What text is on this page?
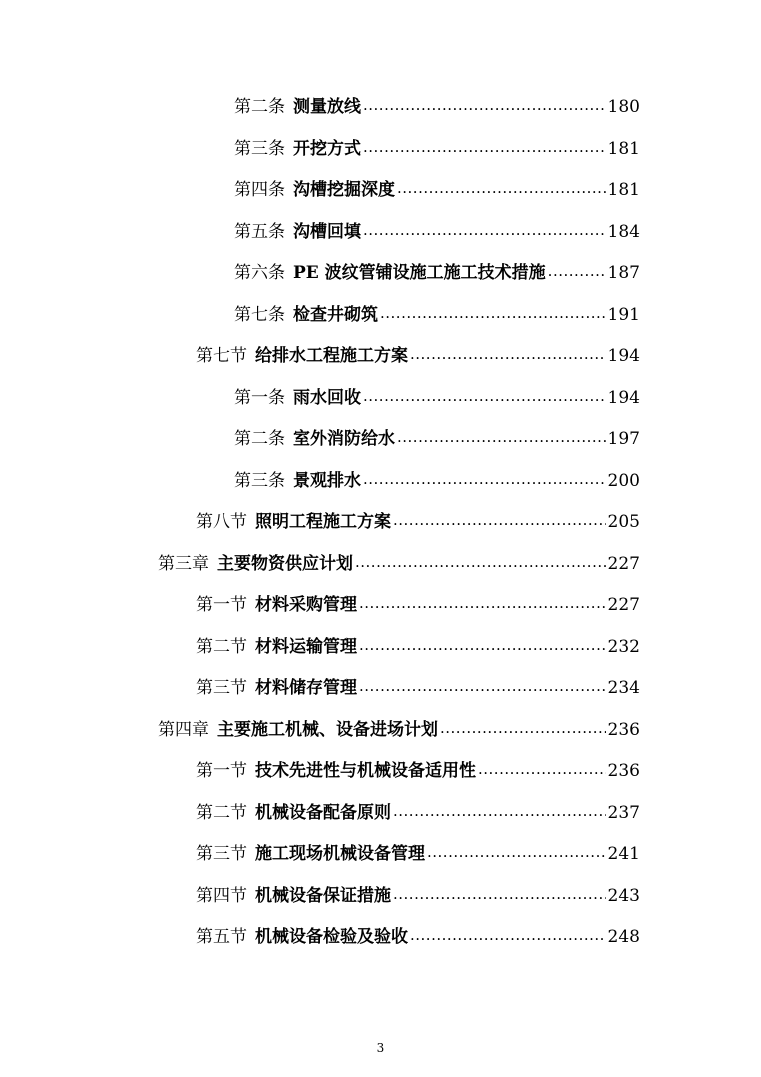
第二条 测量放线 .....	180
第三条 开挖方式 .....	181
第四条 沟槽挖掘深度 .....	181
第五条 沟槽回填 .....	184
第六条 PE 波纹管铺设施工施工技术措施 .....	187
第七条 检查井砌筑 .....	191
第七节 给排水工程施工方案 .....	194
第一条 雨水回收 .....	194
第二条 室外消防给水 .....	197
第三条 景观排水 .....	200
第八节 照明工程施工方案 .....	205
第三章 主要物资供应计划 .....	227
第一节 材料采购管理 .....	227
第二节 材料运输管理 .....	232
第三节 材料储存管理 .....	234
第四章 主要施工机械、设备进场计划 .....	236
第一节 技术先进性与机械设备适用性 .....	236
第二节 机械设备配备原则 .....	237
第三节 施工现场机械设备管理 .....	241
第四节 机械设备保证措施 .....	243
第五节 机械设备检验及验收 .....	248
3
